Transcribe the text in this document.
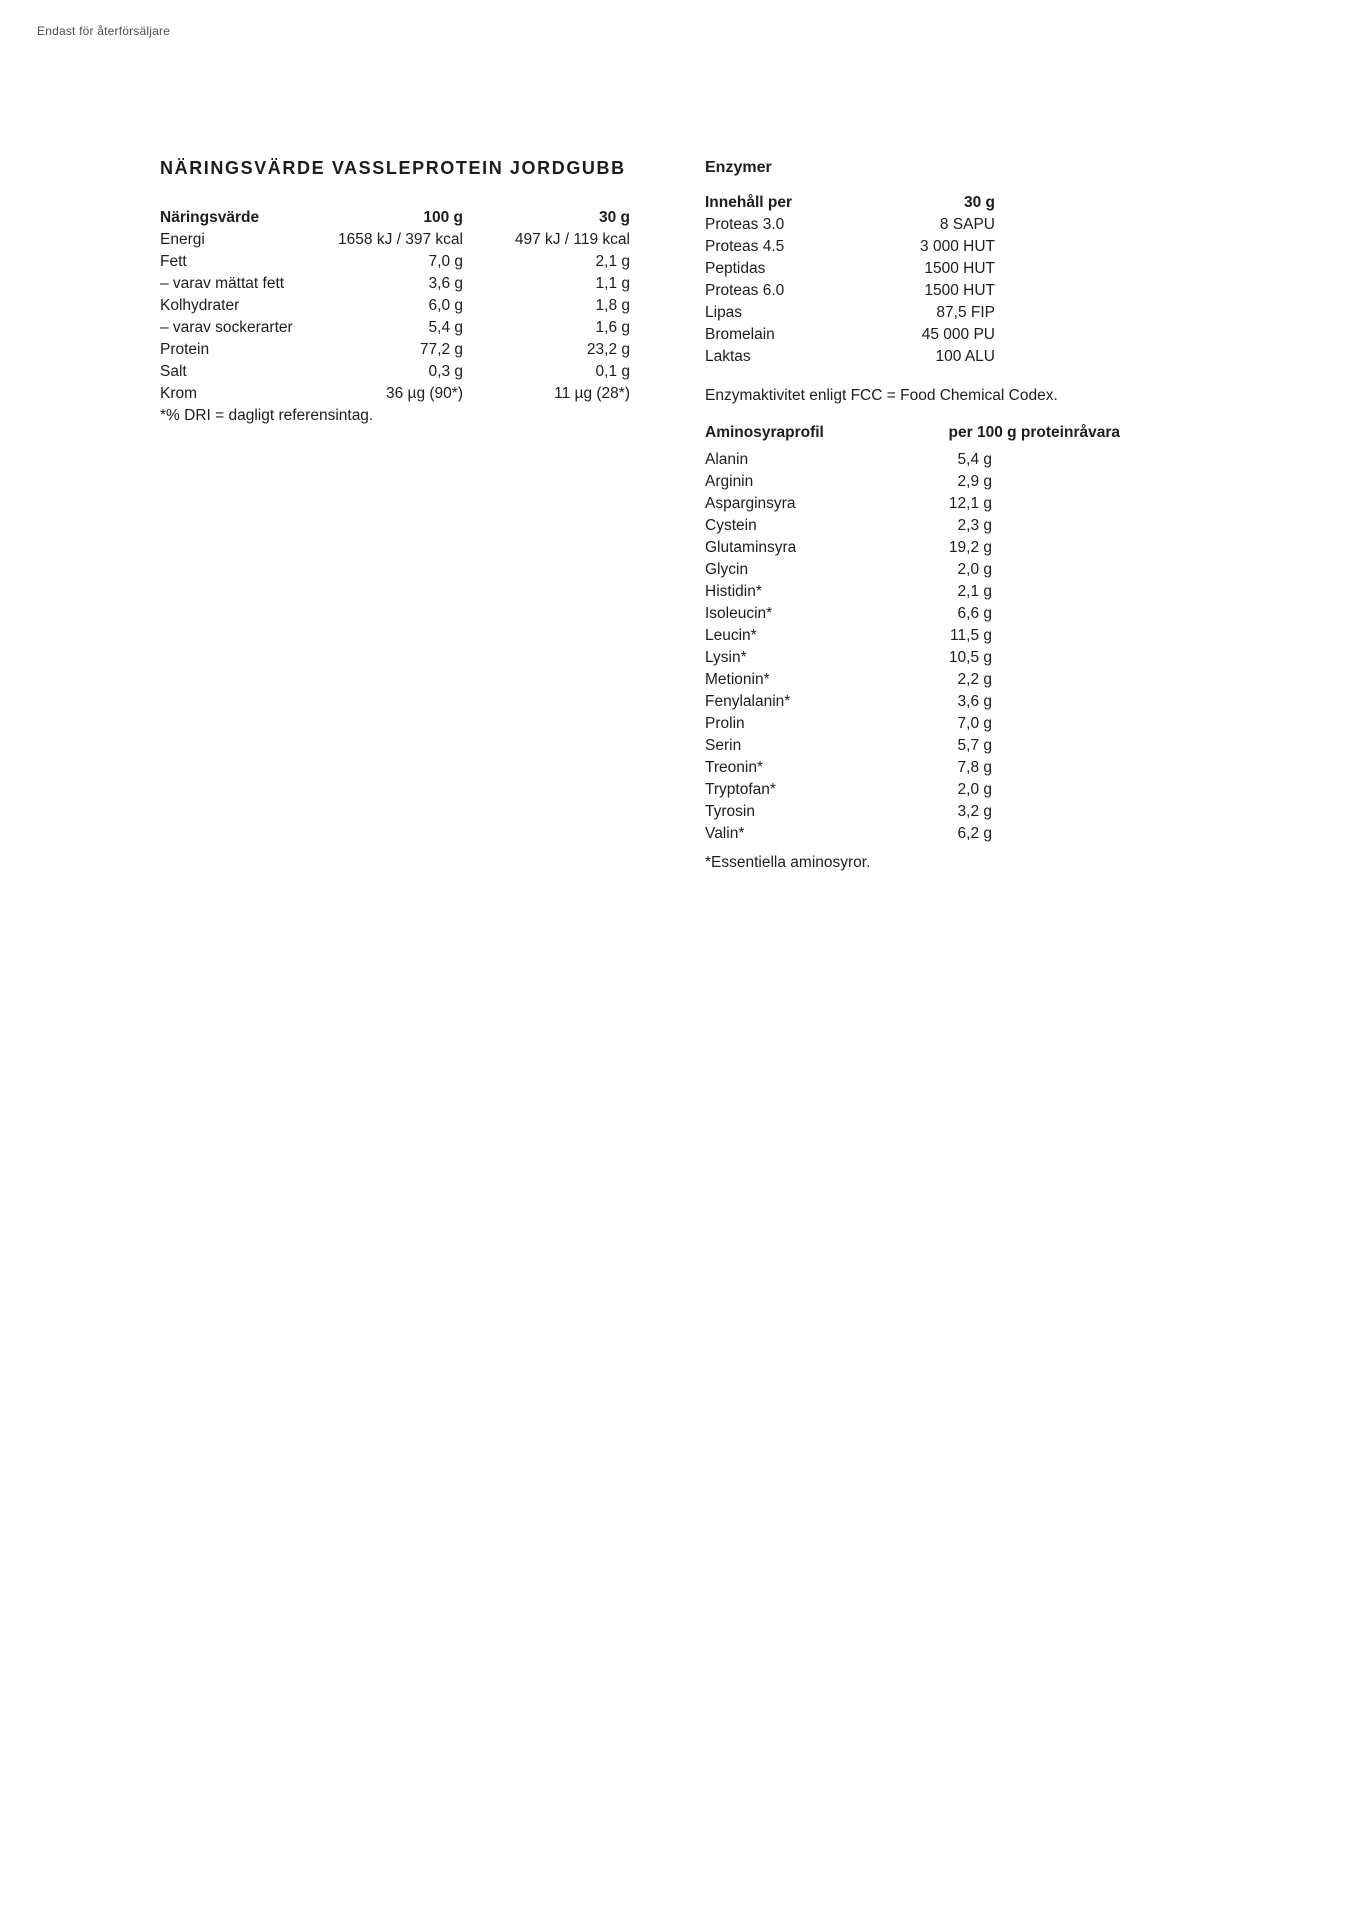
Endast för återförsäljare
NÄRINGSVÄRDE VASSLEPROTEIN JORDGUBB
Näringsvärde	100 g	30 g
Energi	1658 kJ / 397 kcal	497 kJ / 119 kcal
Fett	7,0 g	2,1 g
– varav mättat fett	3,6 g	1,1 g
Kolhydrater	6,0 g	1,8 g
– varav sockerarter	5,4 g	1,6 g
Protein	77,2 g	23,2 g
Salt	0,3 g	0,1 g
Krom	36 µg (90*)	11 µg (28*)
*% DRI = dagligt referensintag.
Enzymer
Innehåll per	30 g
Proteas 3.0	8 SAPU
Proteas 4.5	3 000 HUT
Peptidas	1500 HUT
Proteas 6.0	1500 HUT
Lipas	87,5 FIP
Bromelain	45 000 PU
Laktas	100 ALU
Enzymaktivitet enligt FCC = Food Chemical Codex.
Aminosyraprofil	per 100 g proteinråvara
Alanin	5,4 g
Arginin	2,9 g
Asparginsyra	12,1 g
Cystein	2,3 g
Glutaminsyra	19,2 g
Glycin	2,0 g
Histidin*	2,1 g
Isoleucin*	6,6 g
Leucin*	11,5 g
Lysin*	10,5 g
Metionin*	2,2 g
Fenylalanin*	3,6 g
Prolin	7,0 g
Serin	5,7 g
Treonin*	7,8 g
Tryptofan*	2,0 g
Tyrosin	3,2 g
Valin*	6,2 g
*Essentiella aminosyror.
